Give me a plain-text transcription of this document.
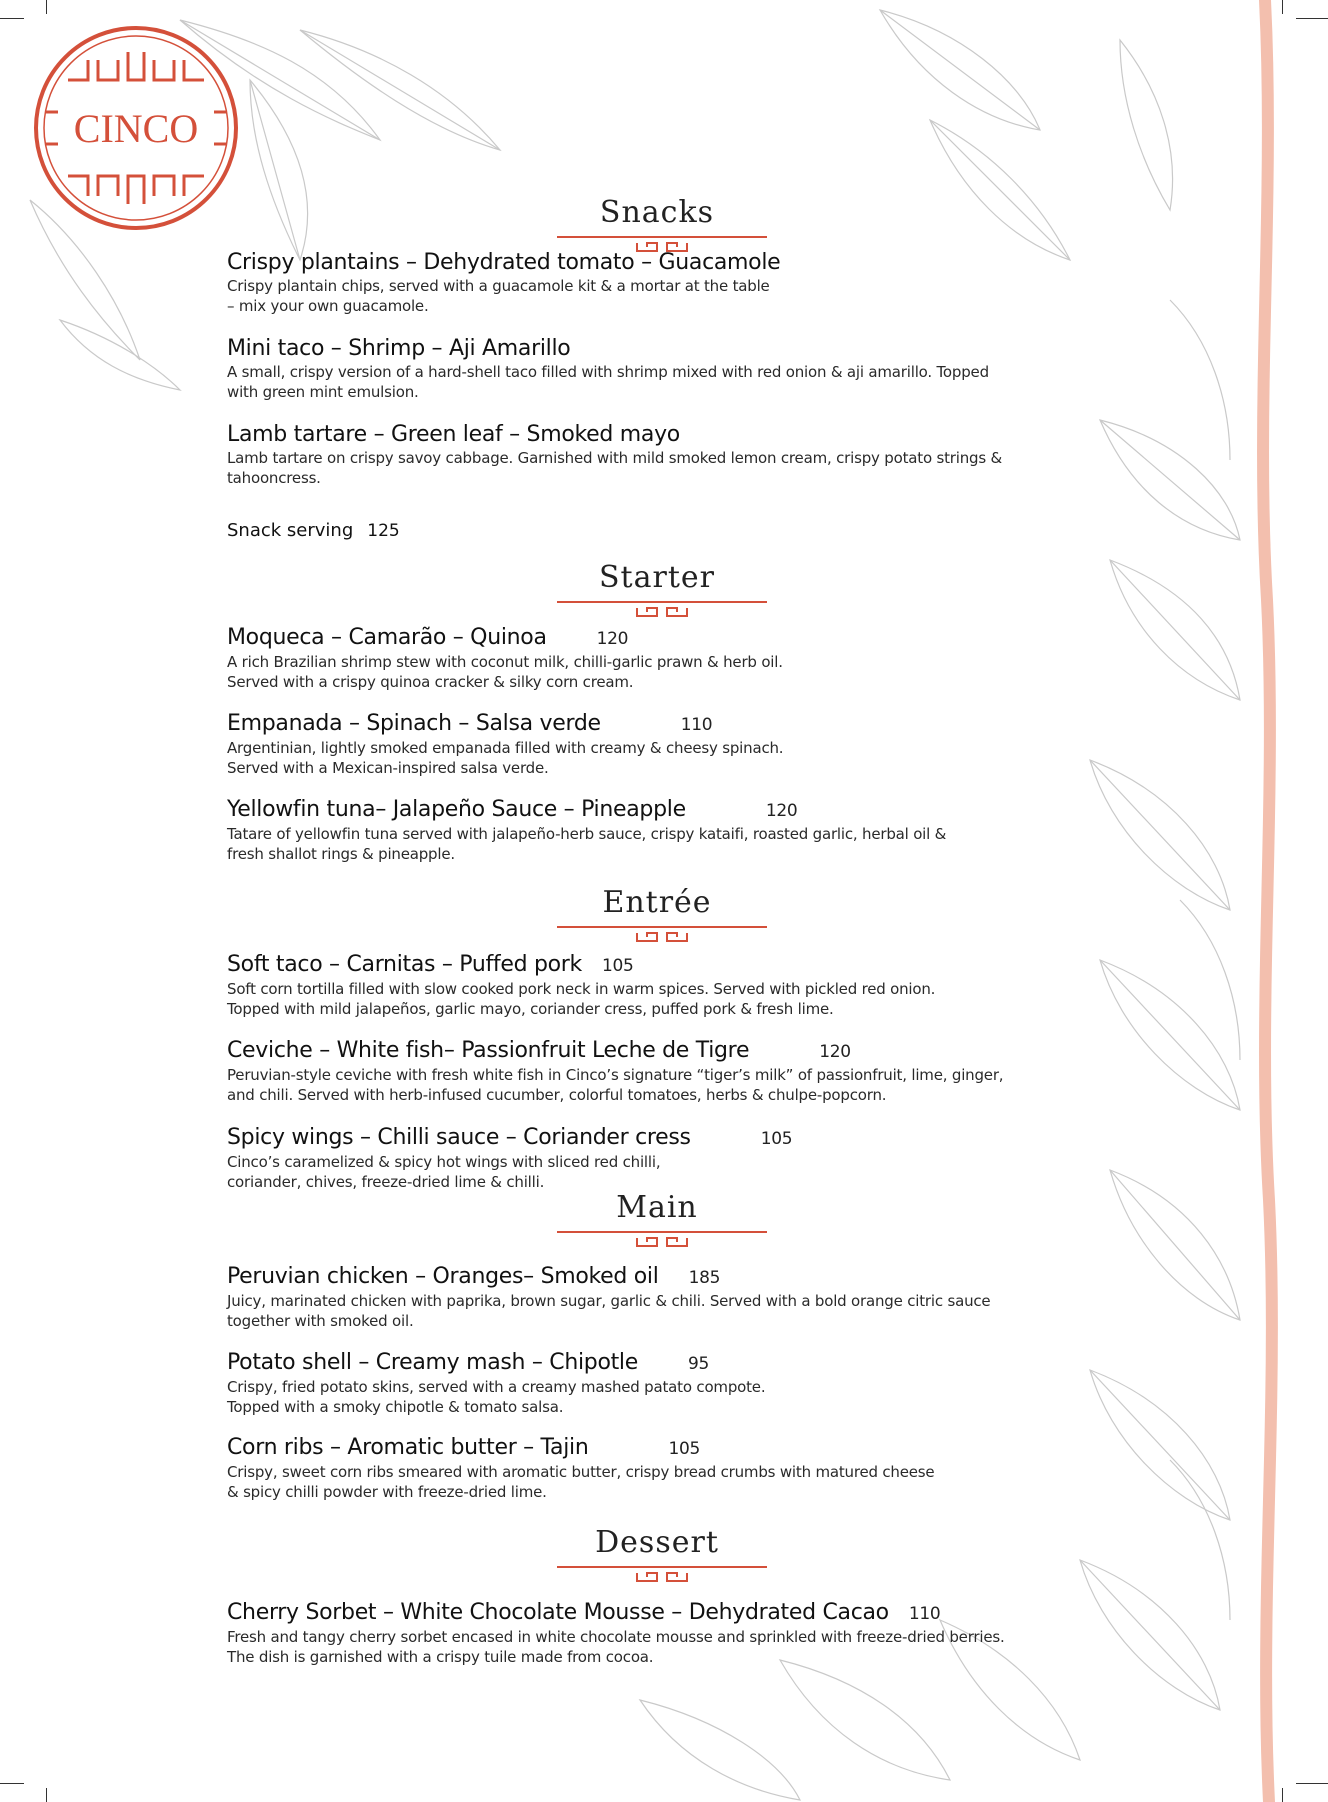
CINCO
Snacks
Crispy plantains – Dehydrated tomato – Guacamole
Crispy plantain chips, served with a guacamole kit & a mortar at the table
– mix your own guacamole.
Mini taco – Shrimp – Aji Amarillo
A small, crispy version of a hard-shell taco filled with shrimp mixed with red onion & aji amarillo. Topped
with green mint emulsion.
Lamb tartare – Green leaf – Smoked mayo
Lamb tartare on crispy savoy cabbage. Garnished with mild smoked lemon cream, crispy potato strings &
tahooncress.
Snack serving 125
Starter
Moqueca – Camarão – Quinoa	120
A rich Brazilian shrimp stew with coconut milk, chilli-garlic prawn & herb oil.
Served with a crispy quinoa cracker & silky corn cream.
Empanada – Spinach – Salsa verde	110
Argentinian, lightly smoked empanada filled with creamy & cheesy spinach.
Served with a Mexican-inspired salsa verde.
Yellowfin tuna– Jalapeño Sauce – Pineapple	120
Tatare of yellowfin tuna served with jalapeño-herb sauce, crispy kataifi, roasted garlic, herbal oil &
fresh shallot rings & pineapple.
Entrée
Soft taco – Carnitas – Puffed pork 105
Soft corn tortilla filled with slow cooked pork neck in warm spices. Served with pickled red onion.
Topped with mild jalapeños, garlic mayo, coriander cress, puffed pork & fresh lime.
Ceviche – White fish– Passionfruit Leche de Tigre	120
Peruvian-style ceviche with fresh white fish in Cinco’s signature “tiger’s milk” of passionfruit, lime, ginger,
and chili. Served with herb-infused cucumber, colorful tomatoes, herbs & chulpe-popcorn.
Spicy wings – Chilli sauce – Coriander cress	105
Cinco’s caramelized & spicy hot wings with sliced red chilli,
coriander, chives, freeze-dried lime & chilli.
Main
Peruvian chicken – Oranges– Smoked oil 185
Juicy, marinated chicken with paprika, brown sugar, garlic & chili. Served with a bold orange citric sauce
together with smoked oil.
Potato shell – Creamy mash – Chipotle	95
Crispy, fried potato skins, served with a creamy mashed patato compote.
Topped with a smoky chipotle & tomato salsa.
Corn ribs – Aromatic butter – Tajin	105
Crispy, sweet corn ribs smeared with aromatic butter, crispy bread crumbs with matured cheese
& spicy chilli powder with freeze-dried lime.
Dessert
Cherry Sorbet – White Chocolate Mousse – Dehydrated Cacao 110
Fresh and tangy cherry sorbet encased in white chocolate mousse and sprinkled with freeze-dried berries.
The dish is garnished with a crispy tuile made from cocoa.
